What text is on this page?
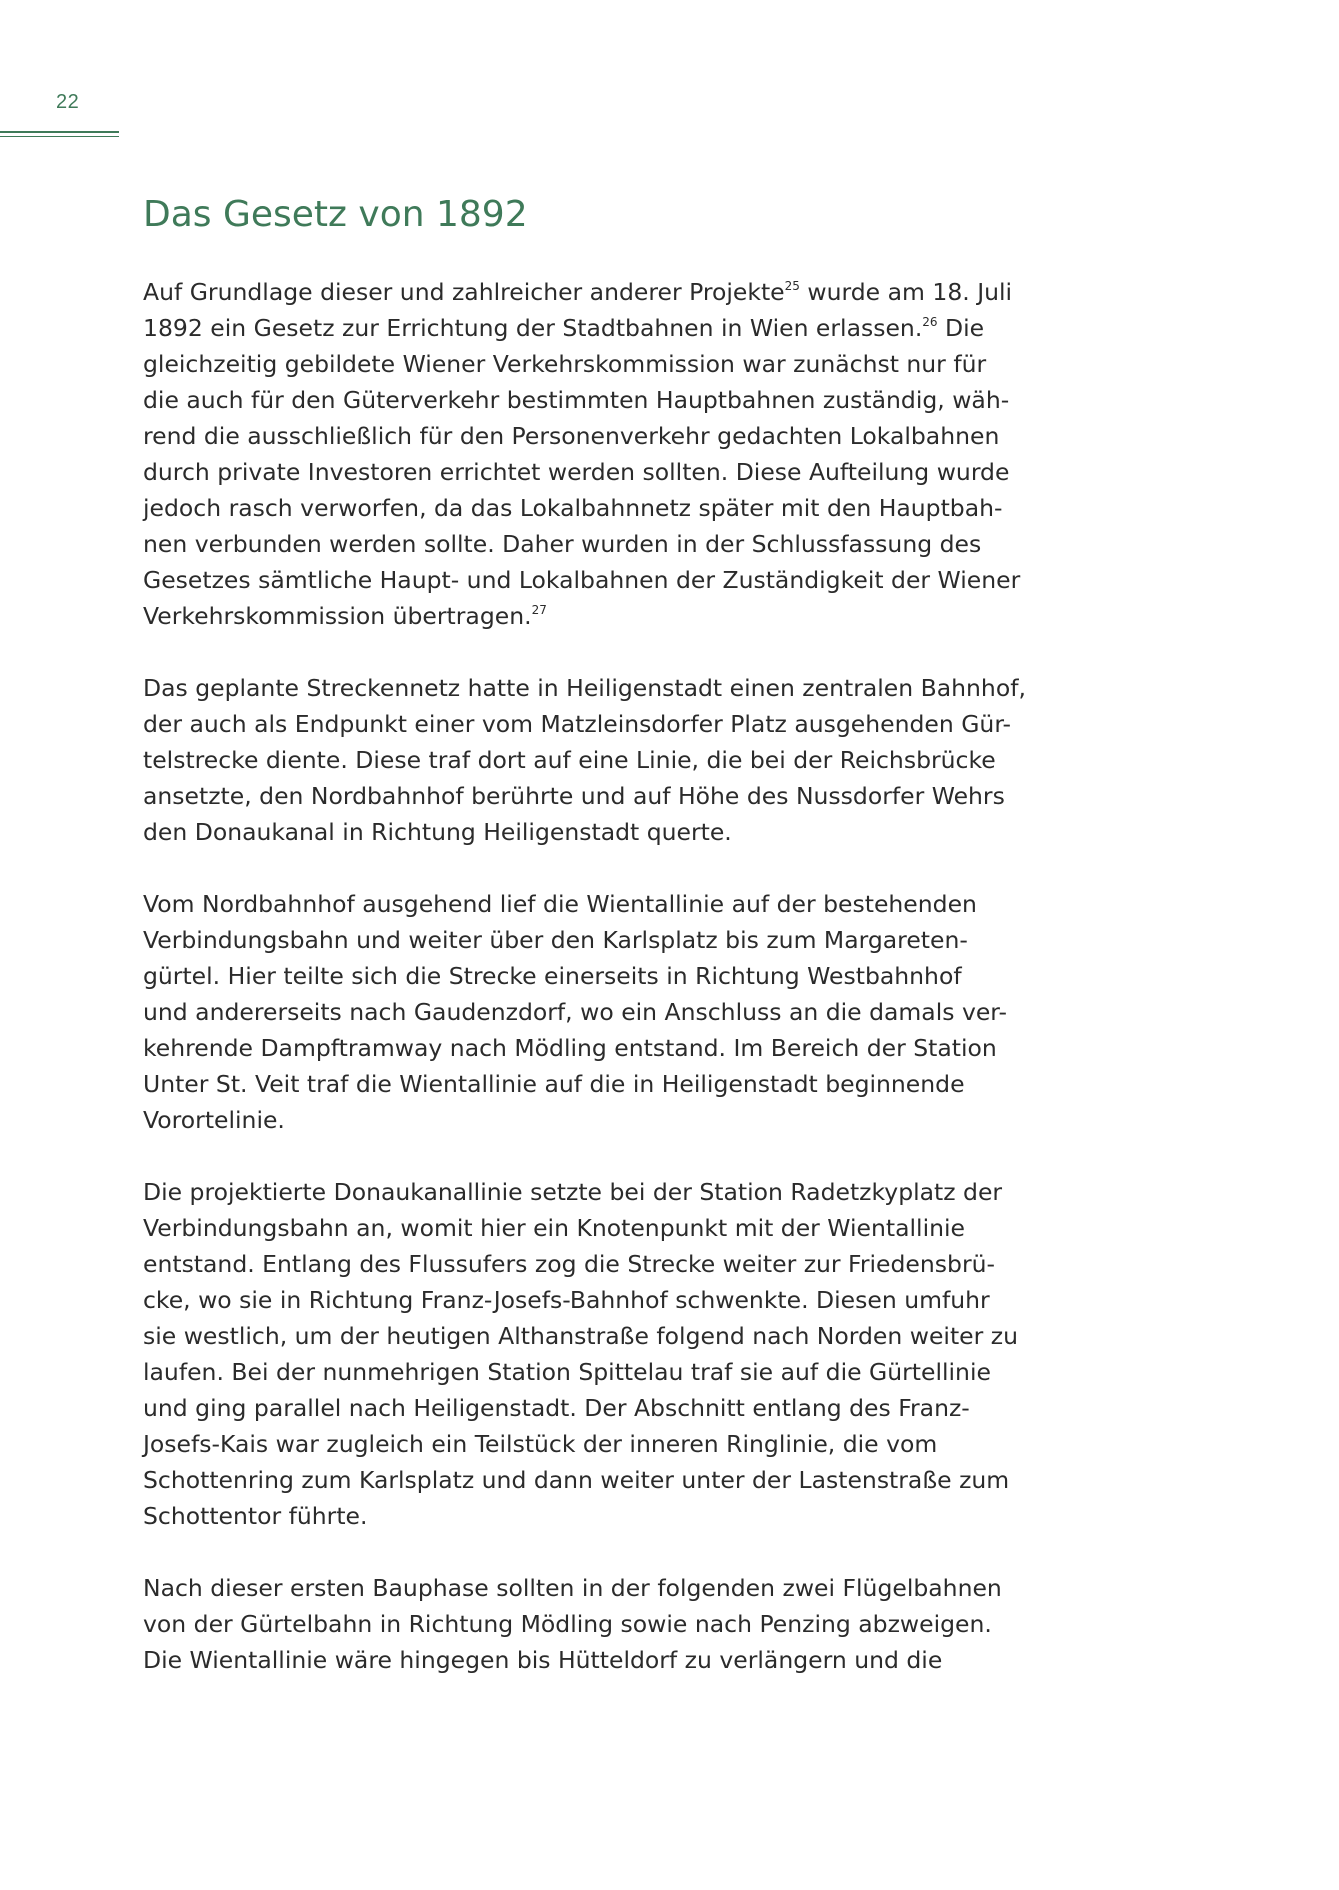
22
Das Gesetz von 1892
Auf Grundlage dieser und zahlreicher anderer Projekte$^{25}$ wurde am 18. Juli
1892 ein Gesetz zur Errichtung der Stadtbahnen in Wien erlassen.$^{26}$ Die
gleichzeitig gebildete Wiener Verkehrskommission war zunächst nur für
die auch für den Güterverkehr bestimmten Hauptbahnen zuständig, wäh-
rend die ausschließlich für den Personenverkehr gedachten Lokalbahnen
durch private Investoren errichtet werden sollten. Diese Aufteilung wurde
jedoch rasch verworfen, da das Lokalbahnnetz später mit den Hauptbah-
nen verbunden werden sollte. Daher wurden in der Schlussfassung des
Gesetzes sämtliche Haupt- und Lokalbahnen der Zuständigkeit der Wiener
Verkehrskommission übertragen.$^{27}$
Das geplante Streckennetz hatte in Heiligenstadt einen zentralen Bahnhof,
der auch als Endpunkt einer vom Matzleinsdorfer Platz ausgehenden Gür-
telstrecke diente. Diese traf dort auf eine Linie, die bei der Reichsbrücke
ansetzte, den Nordbahnhof berührte und auf Höhe des Nussdorfer Wehrs
den Donaukanal in Richtung Heiligenstadt querte.
Vom Nordbahnhof ausgehend lief die Wientallinie auf der bestehenden
Verbindungsbahn und weiter über den Karlsplatz bis zum Margareten-
gürtel. Hier teilte sich die Strecke einerseits in Richtung Westbahnhof
und andererseits nach Gaudenzdorf, wo ein Anschluss an die damals ver-
kehrende Dampftramway nach Mödling entstand. Im Bereich der Station
Unter St. Veit traf die Wientallinie auf die in Heiligenstadt beginnende
Vorortelinie.
Die projektierte Donaukanallinie setzte bei der Station Radetzkyplatz der
Verbindungsbahn an, womit hier ein Knotenpunkt mit der Wientallinie
entstand. Entlang des Flussufers zog die Strecke weiter zur Friedensbrü-
cke, wo sie in Richtung Franz-Josefs-Bahnhof schwenkte. Diesen umfuhr
sie westlich, um der heutigen Althanstraße folgend nach Norden weiter zu
laufen. Bei der nunmehrigen Station Spittelau traf sie auf die Gürtellinie
und ging parallel nach Heiligenstadt. Der Abschnitt entlang des Franz-
Josefs-Kais war zugleich ein Teilstück der inneren Ringlinie, die vom
Schottenring zum Karlsplatz und dann weiter unter der Lastenstraße zum
Schottentor führte.
Nach dieser ersten Bauphase sollten in der folgenden zwei Flügelbahnen
von der Gürtelbahn in Richtung Mödling sowie nach Penzing abzweigen.
Die Wientallinie wäre hingegen bis Hütteldorf zu verlängern und die
